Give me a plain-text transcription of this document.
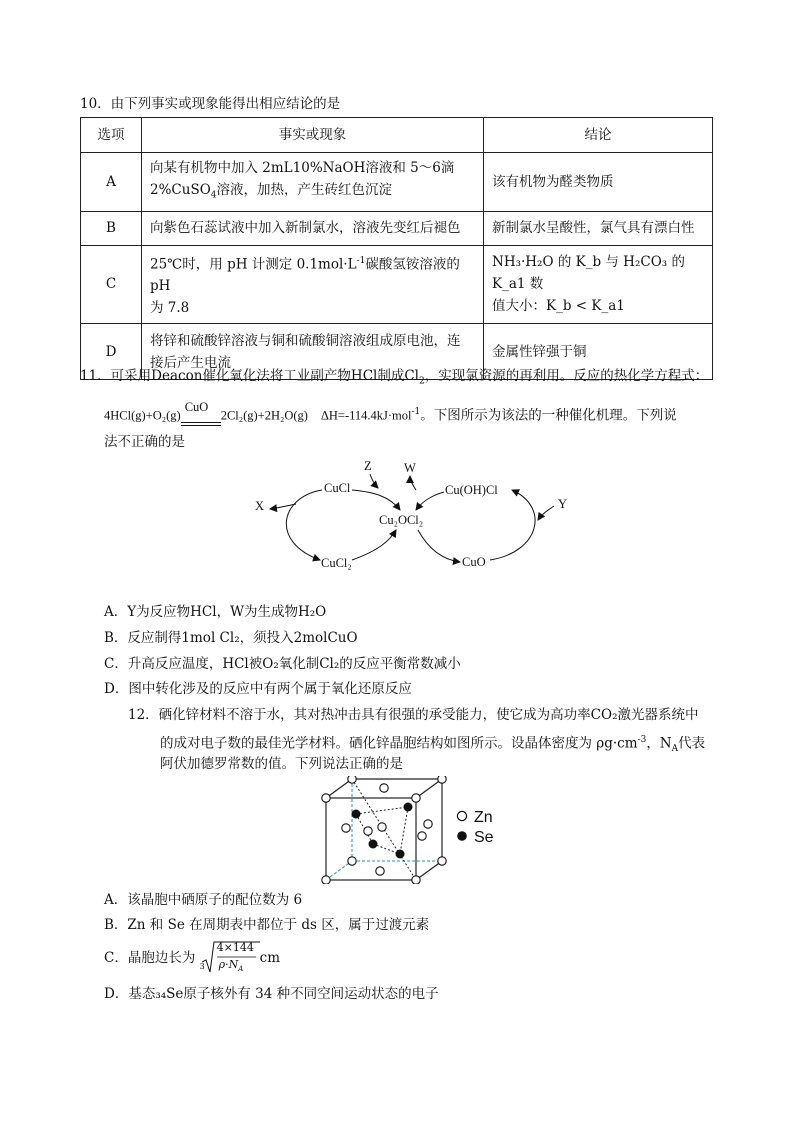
10．由下列事实或现象能得出相应结论的是
选项	事实或现象	结论
A	向某有机物中加入 2mL10%NaOH溶液和 5～6滴
2%CuSO$_4$溶液，加热，产生砖红色沉淀	该有机物为醛类物质
B	向紫色石蕊试液中加入新制氯水，溶液先变红后褪色	新制氯水呈酸性，氯气具有漂白性
C	25℃时，用 pH 计测定 $0.1mol\cdot L^{-1}$碳酸氢铵溶液的 pH
为 7.8	NH₃·H₂O 的 K_b 与 H₂CO₃ 的 K_a1 数
值大小：K_b < K_a1
D	将锌和硫酸锌溶液与铜和硫酸铜溶液组成原电池，连
接后产生电流	金属性锌强于铜
11．可采用Deacon催化氧化法将工业副产物HCl制成$Cl_2$，实现氯资源的再利用。反应的热化学方程式：
4HCl(g)+O₂(g)
CuO
2Cl₂(g)+2H₂O(g) ΔH=-114.4kJ·mol$^{-1}$。下图所示为该法的一种催化机理。下列说
法不正确的是
CuCl	Cu(OH)Cl
Cu₂OCl₂
CuCl₂	CuO
X	Y
Z	W
A．Y为反应物HCl，W为生成物H₂O
B．反应制得1mol Cl₂，须投入2molCuO
C．升高反应温度，HCl被O₂氧化制Cl₂的反应平衡常数减小
D．图中转化涉及的反应中有两个属于氧化还原反应
12．硒化锌材料不溶于水，其对热冲击具有很强的承受能力，使它成为高功率CO₂激光器系统中
的成对电子数的最佳光学材料。硒化锌晶胞结构如图所示。设晶体密度为 $\rho g\cdot cm^{-3}$，$N_A$代表
阿伏加德罗常数的值。下列说法正确的是
Zn
Se
A．该晶胞中硒原子的配位数为 6
B．Zn 和 Se 在周期表中都位于 ds 区，属于过渡元素
C．晶胞边长为
3
4×144
$\rho\cdot N_A$
cm
D．基态₃₄Se原子核外有 34 种不同空间运动状态的电子
